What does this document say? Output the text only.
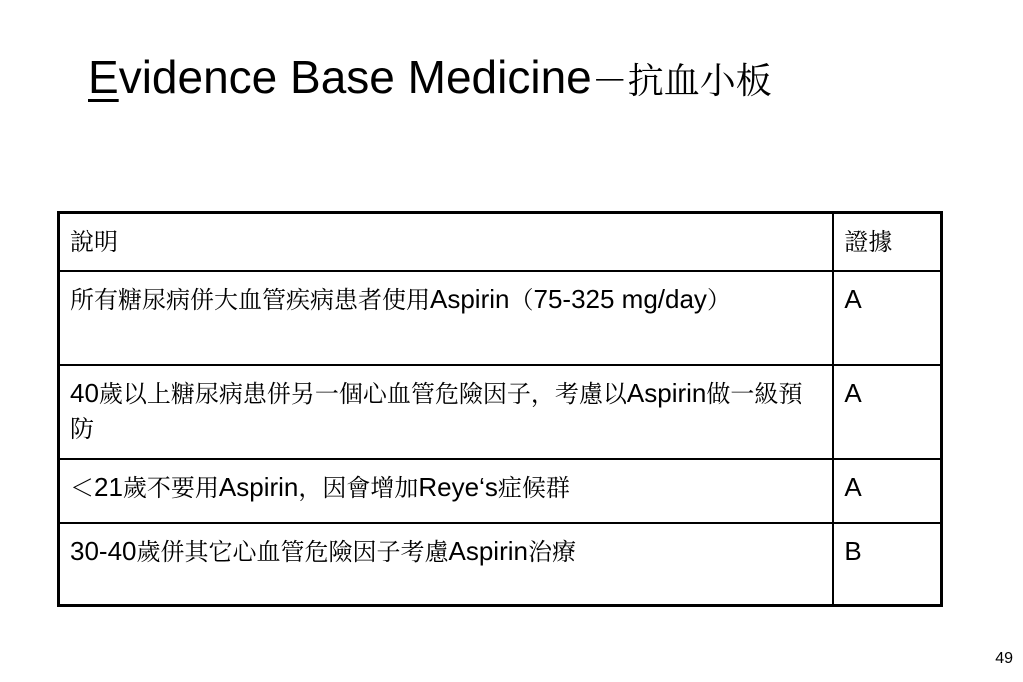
Evidence Base Medicine－抗血小板
說明	證據
所有糖尿病併大血管疾病患者使用Aspirin（75-325 mg/day）	A
40歲以上糖尿病患併另一個心血管危險因子，考慮以Aspirin做一級預防	A
＜21歲不要用Aspirin，因會增加Reye‘s症候群	A
30-40歲併其它心血管危險因子考慮Aspirin治療	B
49
